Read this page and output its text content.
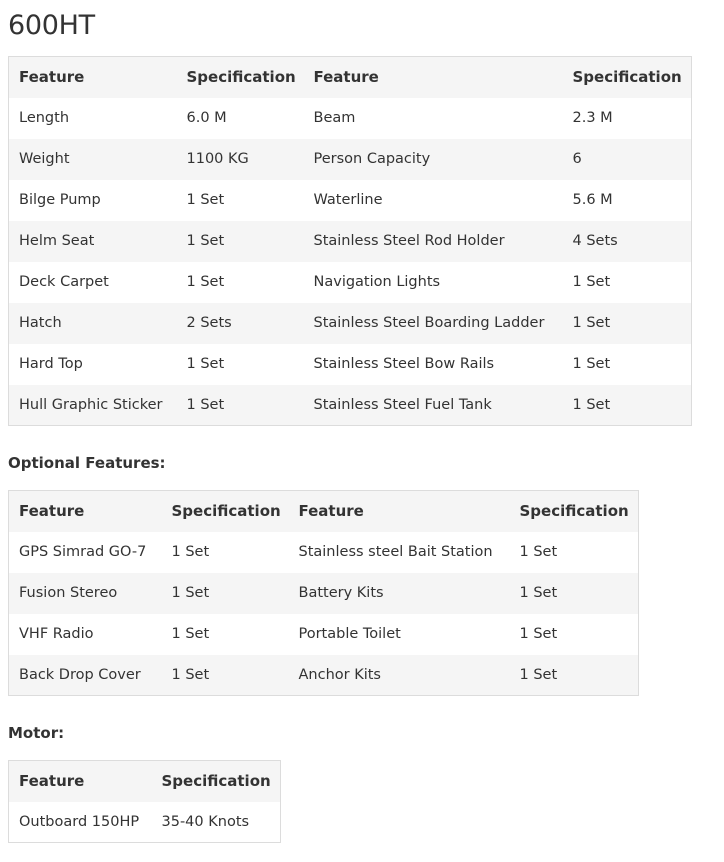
600HT
Feature	Specification	Feature	Specification
Length	6.0 M	Beam	2.3 M
Weight	1100 KG	Person Capacity	6
Bilge Pump	1 Set	Waterline	5.6 M
Helm Seat	1 Set	Stainless Steel Rod Holder	4 Sets
Deck Carpet	1 Set	Navigation Lights	1 Set
Hatch	2 Sets	Stainless Steel Boarding Ladder	1 Set
Hard Top	1 Set	Stainless Steel Bow Rails	1 Set
Hull Graphic Sticker	1 Set	Stainless Steel Fuel Tank	1 Set
Optional Features:
Feature	Specification	Feature	Specification
GPS Simrad GO-7	1 Set	Stainless steel Bait Station	1 Set
Fusion Stereo	1 Set	Battery Kits	1 Set
VHF Radio	1 Set	Portable Toilet	1 Set
Back Drop Cover	1 Set	Anchor Kits	1 Set
Motor:
Feature	Specification
Outboard 150HP	35-40 Knots
